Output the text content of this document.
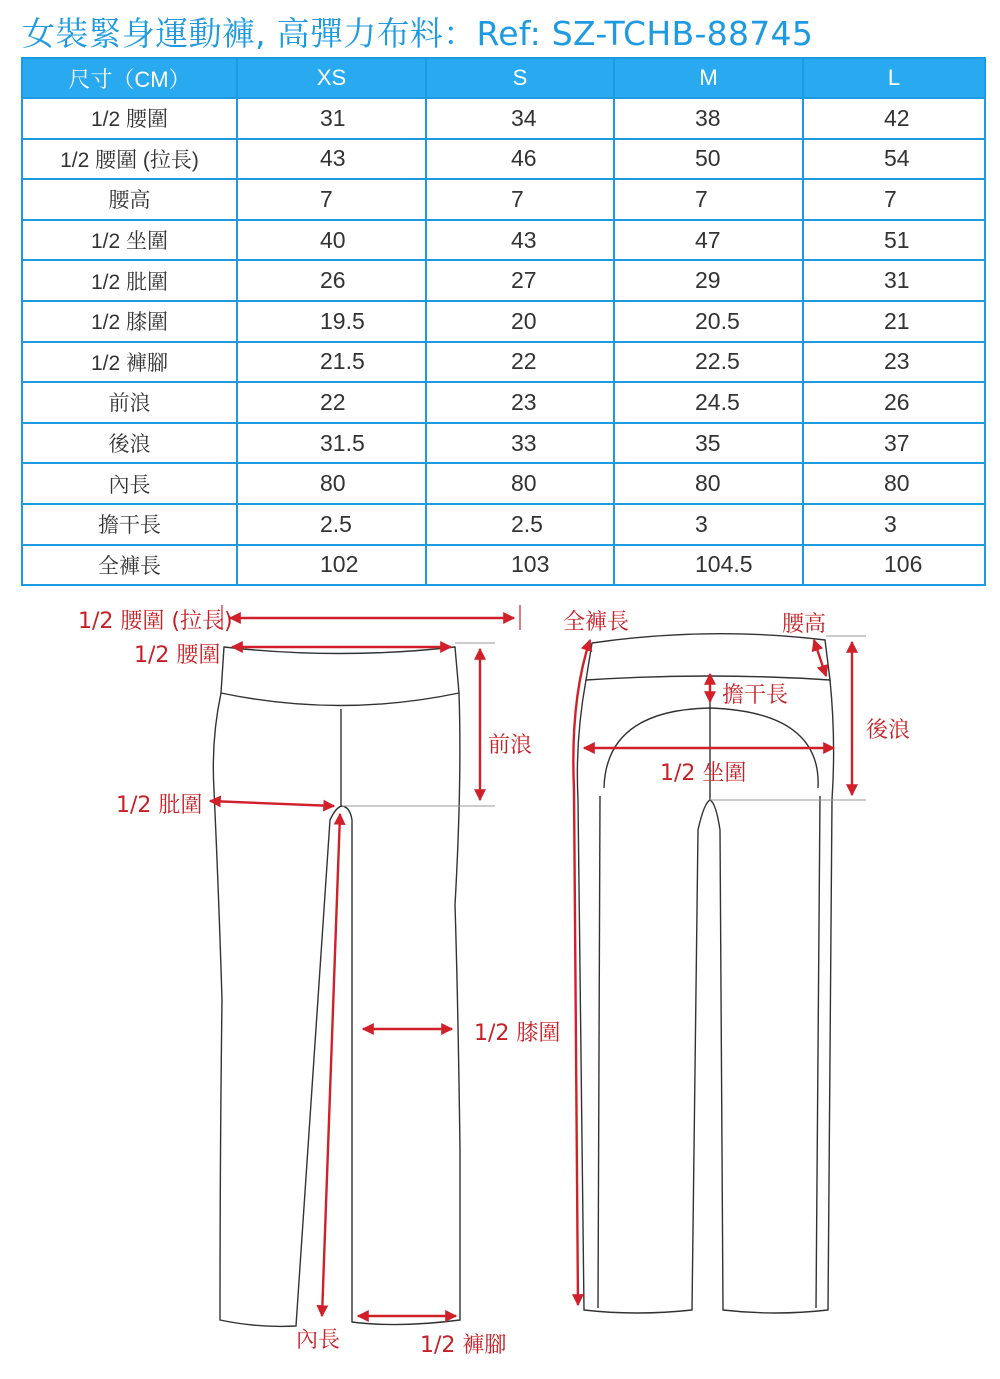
女裝緊身運動褲, 高彈力布料：Ref: SZ-TCHB-88745
尺寸（CM）	XS	S	M	L
1/2 腰圍	31	34	38	42
1/2 腰圍 (拉長)	43	46	50	54
腰高	7	7	7	7
1/2 坐圍	40	43	47	51
1/2 肶圍	26	27	29	31
1/2 膝圍	19.5	20	20.5	21
1/2 褲腳	21.5	22	22.5	23
前浪	22	23	24.5	26
後浪	31.5	33	35	37
內長	80	80	80	80
擔干長	2.5	2.5	3	3
全褲長	102	103	104.5	106
1/2 腰圍 (拉長)
1/2 腰圍
前浪
1/2 肶圍
1/2 膝圍
內長	1/2 褲腳
全褲長	腰高
擔干長
後浪
1/2 坐圍
